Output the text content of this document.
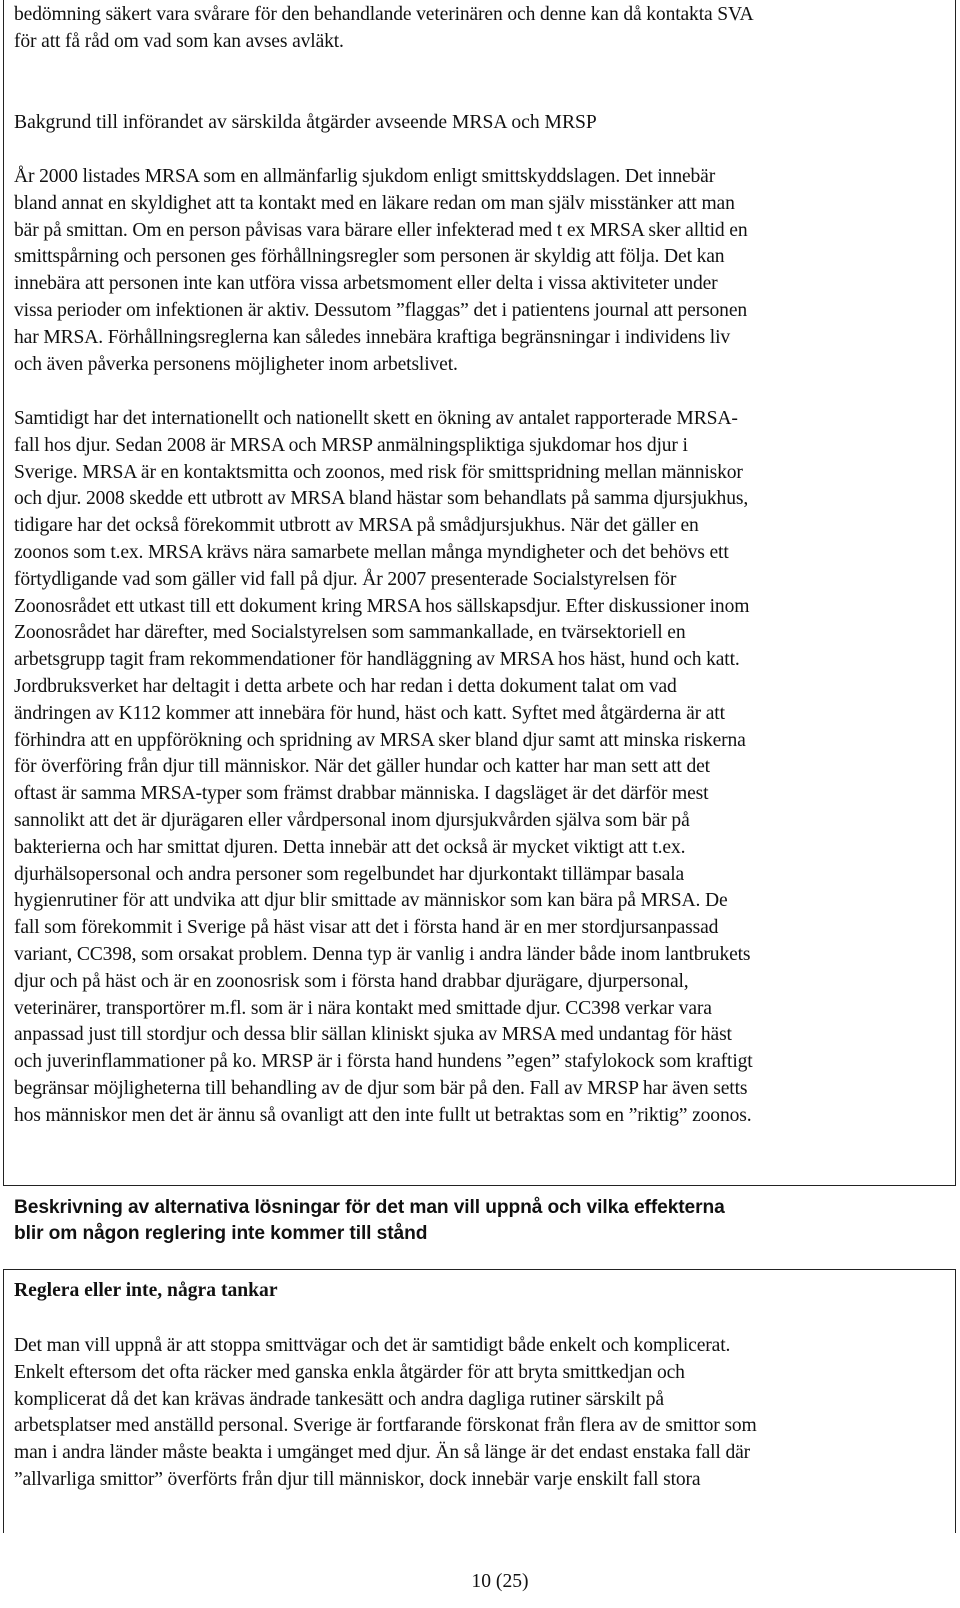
bedömning säkert vara svårare för den behandlande veterinären och denne kan då kontakta SVA
för att få råd om vad som kan avses avläkt.
Bakgrund till införandet av särskilda åtgärder avseende MRSA och MRSP
År 2000 listades MRSA som en allmänfarlig sjukdom enligt smittskyddslagen. Det innebär
bland annat en skyldighet att ta kontakt med en läkare redan om man själv misstänker att man
bär på smittan. Om en person påvisas vara bärare eller infekterad med t ex MRSA sker alltid en
smittspårning och personen ges förhållningsregler som personen är skyldig att följa. Det kan
innebära att personen inte kan utföra vissa arbetsmoment eller delta i vissa aktiviteter under
vissa perioder om infektionen är aktiv. Dessutom ”flaggas” det i patientens journal att personen
har MRSA. Förhållningsreglerna kan således innebära kraftiga begränsningar i individens liv
och även påverka personens möjligheter inom arbetslivet.
Samtidigt har det internationellt och nationellt skett en ökning av antalet rapporterade MRSA-
fall hos djur. Sedan 2008 är MRSA och MRSP anmälningspliktiga sjukdomar hos djur i
Sverige. MRSA är en kontaktsmitta och zoonos, med risk för smittspridning mellan människor
och djur. 2008 skedde ett utbrott av MRSA bland hästar som behandlats på samma djursjukhus,
tidigare har det också förekommit utbrott av MRSA på smådjursjukhus. När det gäller en
zoonos som t.ex. MRSA krävs nära samarbete mellan många myndigheter och det behövs ett
förtydligande vad som gäller vid fall på djur. År 2007 presenterade Socialstyrelsen för
Zoonosrådet ett utkast till ett dokument kring MRSA hos sällskapsdjur. Efter diskussioner inom
Zoonosrådet har därefter, med Socialstyrelsen som sammankallade, en tvärsektoriell en
arbetsgrupp tagit fram rekommendationer för handläggning av MRSA hos häst, hund och katt.
Jordbruksverket har deltagit i detta arbete och har redan i detta dokument talat om vad
ändringen av K112 kommer att innebära för hund, häst och katt. Syftet med åtgärderna är att
förhindra att en uppförökning och spridning av MRSA sker bland djur samt att minska riskerna
för överföring från djur till människor. När det gäller hundar och katter har man sett att det
oftast är samma MRSA-typer som främst drabbar människa. I dagsläget är det därför mest
sannolikt att det är djurägaren eller vårdpersonal inom djursjukvården själva som bär på
bakterierna och har smittat djuren. Detta innebär att det också är mycket viktigt att t.ex.
djurhälsopersonal och andra personer som regelbundet har djurkontakt tillämpar basala
hygienrutiner för att undvika att djur blir smittade av människor som kan bära på MRSA. De
fall som förekommit i Sverige på häst visar att det i första hand är en mer stordjursanpassad
variant, CC398, som orsakat problem. Denna typ är vanlig i andra länder både inom lantbrukets
djur och på häst och är en zoonosrisk som i första hand drabbar djurägare, djurpersonal,
veterinärer, transportörer m.fl. som är i nära kontakt med smittade djur. CC398 verkar vara
anpassad just till stordjur och dessa blir sällan kliniskt sjuka av MRSA med undantag för häst
och juverinflammationer på ko. MRSP är i första hand hundens ”egen” stafylokock som kraftigt
begränsar möjligheterna till behandling av de djur som bär på den. Fall av MRSP har även setts
hos människor men det är ännu så ovanligt att den inte fullt ut betraktas som en ”riktig” zoonos.
Beskrivning av alternativa lösningar för det man vill uppnå och vilka effekterna
blir om någon reglering inte kommer till stånd
Reglera eller inte, några tankar
Det man vill uppnå är att stoppa smittvägar och det är samtidigt både enkelt och komplicerat.
Enkelt eftersom det ofta räcker med ganska enkla åtgärder för att bryta smittkedjan och
komplicerat då det kan krävas ändrade tankesätt och andra dagliga rutiner särskilt på
arbetsplatser med anställd personal. Sverige är fortfarande förskonat från flera av de smittor som
man i andra länder måste beakta i umgänget med djur. Än så länge är det endast enstaka fall där
”allvarliga smittor” överförts från djur till människor, dock innebär varje enskilt fall stora
10 (25)
